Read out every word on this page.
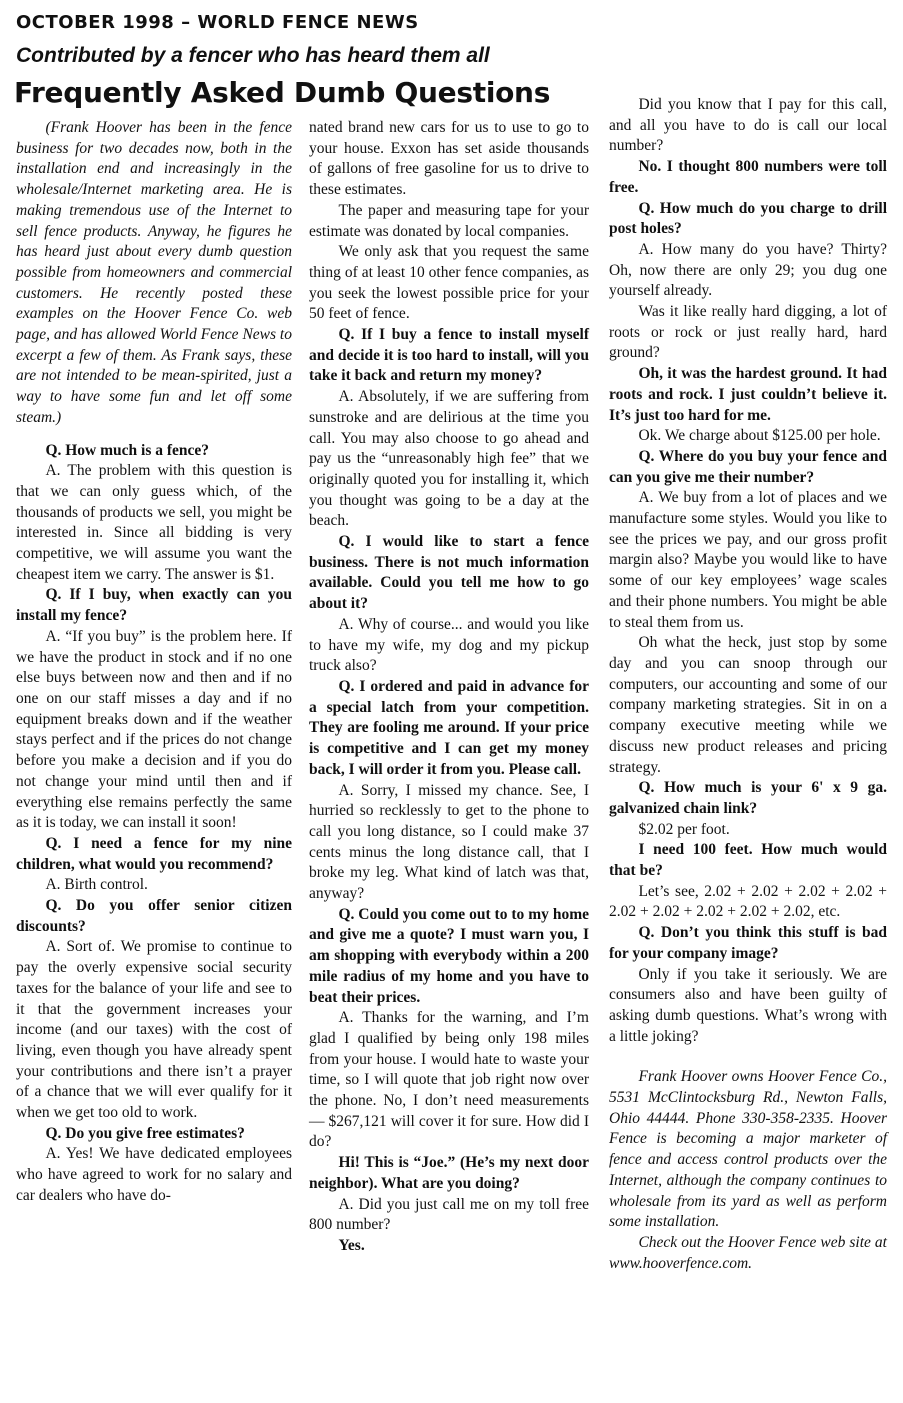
OCTOBER 1998 – WORLD FENCE NEWS
Contributed by a fencer who has heard them all
Frequently Asked Dumb Questions

(Frank Hoover has been in the fence business for two decades now, both in the installation end and increasingly in the wholesale/Internet marketing area. He is making tremendous use of the Internet to sell fence products. Anyway, he figures he has heard just about every dumb question possible from homeowners and commercial customers. He recently posted these examples on the Hoover Fence Co. web page, and has allowed World Fence News to excerpt a few of them. As Frank says, these are not intended to be mean-spirited, just a way to have some fun and let off some steam.)

Q. How much is a fence?

A. The problem with this question is that we can only guess which, of the thousands of products we sell, you might be interested in. Since all bidding is very competitive, we will assume you want the cheapest item we carry. The answer is $1.

Q. If I buy, when exactly can you install my fence?

A. “If you buy” is the problem here. If we have the product in stock and if no one else buys between now and then and if no one on our staff misses a day and if no equipment breaks down and if the weather stays perfect and if the prices do not change before you make a decision and if you do not change your mind until then and if everything else remains perfectly the same as it is today, we can install it soon!

Q. I need a fence for my nine children, what would you recommend?

A. Birth control.

Q. Do you offer senior citizen discounts?

A. Sort of. We promise to continue to pay the overly expensive social security taxes for the balance of your life and see to it that the government increases your income (and our taxes) with the cost of living, even though you have already spent your contributions and there isn’t a prayer of a chance that we will ever qualify for it when we get too old to work.

Q. Do you give free estimates?

A. Yes! We have dedicated employees who have agreed to work for no salary and car dealers who have do-

nated brand new cars for us to use to go to your house. Exxon has set aside thousands of gallons of free gasoline for us to drive to these estimates.

The paper and measuring tape for your estimate was donated by local companies.

We only ask that you request the same thing of at least 10 other fence companies, as you seek the lowest possible price for your 50 feet of fence.

Q. If I buy a fence to install myself and decide it is too hard to install, will you take it back and return my money?

A. Absolutely, if we are suffering from sunstroke and are delirious at the time you call. You may also choose to go ahead and pay us the “unreasonably high fee” that we originally quoted you for installing it, which you thought was going to be a day at the beach.

Q. I would like to start a fence business. There is not much information available. Could you tell me how to go about it?

A. Why of course... and would you like to have my wife, my dog and my pickup truck also?

Q. I ordered and paid in advance for a special latch from your competition. They are fooling me around. If your price is competitive and I can get my money back, I will order it from you. Please call.

A. Sorry, I missed my chance. See, I hurried so recklessly to get to the phone to call you long distance, so I could make 37 cents minus the long distance call, that I broke my leg. What kind of latch was that, anyway?

Q. Could you come out to to my home and give me a quote? I must warn you, I am shopping with everybody within a 200 mile radius of my home and you have to beat their prices.

A. Thanks for the warning, and I’m glad I qualified by being only 198 miles from your house. I would hate to waste your time, so I will quote that job right now over the phone. No, I don’t need measurements — $267,121 will cover it for sure. How did I do?

Hi! This is “Joe.” (He’s my next door neighbor). What are you doing?

A. Did you just call me on my toll free 800 number?

Yes.

Did you know that I pay for this call, and all you have to do is call our local number?

No. I thought 800 numbers were toll free.

Q. How much do you charge to drill post holes?

A. How many do you have? Thirty? Oh, now there are only 29; you dug one yourself already.

Was it like really hard digging, a lot of roots or rock or just really hard, hard ground?

Oh, it was the hardest ground. It had roots and rock. I just couldn’t believe it. It’s just too hard for me.

Ok. We charge about $125.00 per hole.

Q. Where do you buy your fence and can you give me their number?

A. We buy from a lot of places and we manufacture some styles. Would you like to see the prices we pay, and our gross profit margin also? Maybe you would like to have some of our key employees’ wage scales and their phone numbers. You might be able to steal them from us.

Oh what the heck, just stop by some day and you can snoop through our computers, our accounting and some of our company marketing strategies. Sit in on a company executive meeting while we discuss new product releases and pricing strategy.

Q. How much is your 6' x 9 ga. galvanized chain link?

$2.02 per foot.

I need 100 feet. How much would that be?

Let’s see, 2.02 + 2.02 + 2.02 + 2.02 + 2.02 + 2.02 + 2.02 + 2.02 + 2.02, etc.

Q. Don’t you think this stuff is bad for your company image?

Only if you take it seriously. We are consumers also and have been guilty of asking dumb questions. What’s wrong with a little joking?

Frank Hoover owns Hoover Fence Co., 5531 McClintocksburg Rd., Newton Falls, Ohio 44444. Phone 330-358-2335. Hoover Fence is becoming a major marketer of fence and access control products over the Internet, although the company continues to wholesale from its yard as well as perform some installation.

Check out the Hoover Fence web site at www.hooverfence.com.
